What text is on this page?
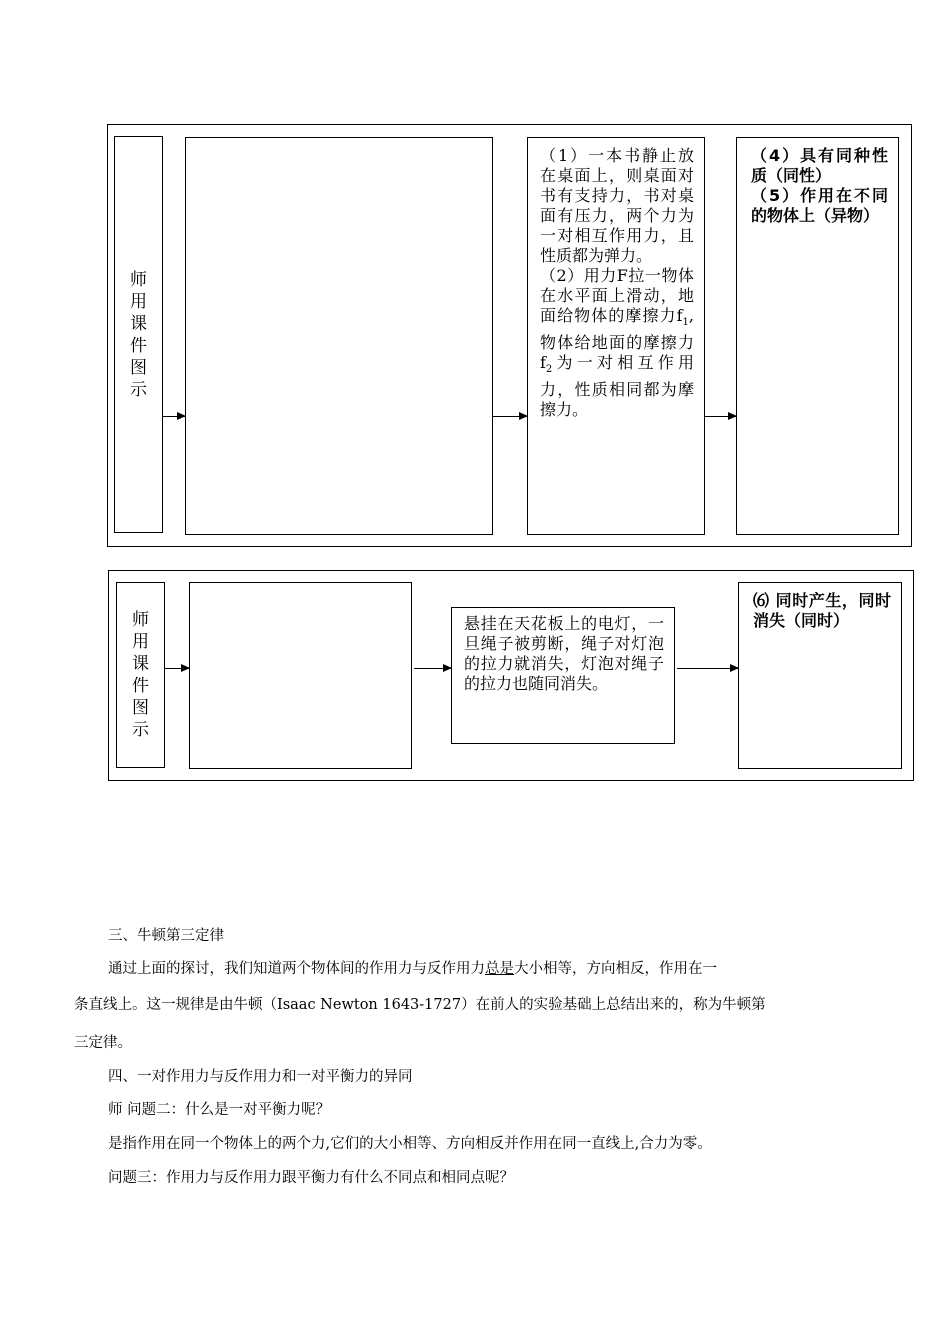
师
用
课
件
图
示
（1）一本书静止放在桌面上，则桌面对书有支持力，书对桌面有压力，两个力为一对相互作用力，且性质都为弹力。
（2）用力F拉一物体在水平面上滑动，地面给物体的摩擦力$f_1$,物体给地面的摩擦力$f_2$为一对相互作用力，性质相同都为摩擦力。
（4）具有同种性质（同性）
（5）作用在不同的物体上（异物）
师
用
课
件
图
示
悬挂在天花板上的电灯，一旦绳子被剪断，绳子对灯泡的拉力就消失，灯泡对绳子的拉力也随同消失。
⑹ 同时产生，同时消失（同时）
三、牛顿第三定律
通过上面的探讨，我们知道两个物体间的作用力与反作用力总是大小相等，方向相反，作用在一
条直线上。这一规律是由牛顿（Isaac Newton 1643-1727）在前人的实验基础上总结出来的，称为牛顿第
三定律。
四、一对作用力与反作用力和一对平衡力的异同
师 问题二：什么是一对平衡力呢？
是指作用在同一个物体上的两个力,它们的大小相等、方向相反并作用在同一直线上,合力为零。
问题三：作用力与反作用力跟平衡力有什么不同点和相同点呢？
